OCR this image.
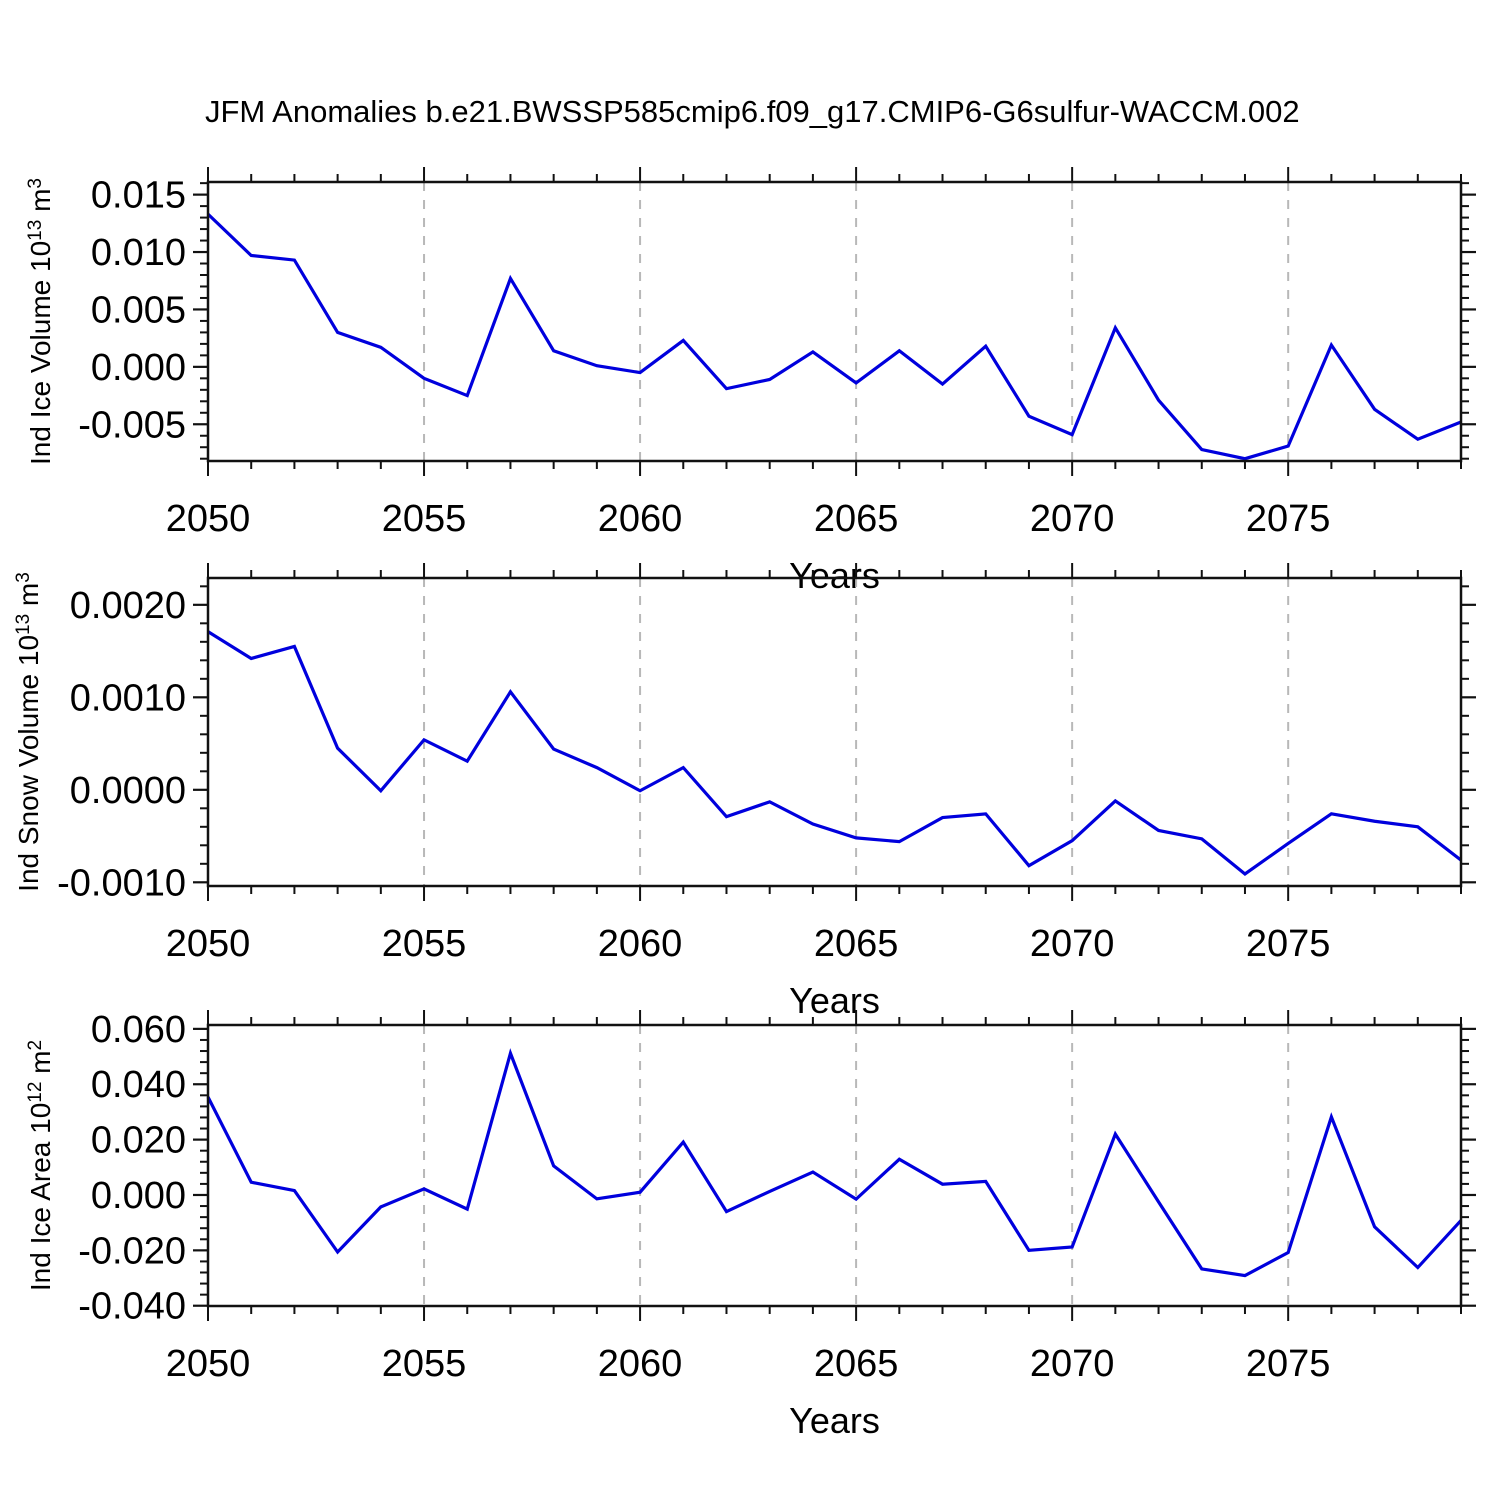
JFM Anomalies b.e21.BWSSP585cmip6.f09_g17.CMIP6-G6sulfur-WACCM.002
0.015
0.010
0.005
0.000
-0.005
2050	2055	2060	2065	2070	2075
Years
Ind Ice Volume $10^{13}$ $m^3$
0.0020
0.0010
0.0000
-0.0010
2050	2055	2060	2065	2070	2075
Years
Ind Snow Volume $10^{13}$ $m^3$
0.060
0.040
0.020
0.000
-0.020
-0.040
2050	2055	2060	2065	2070	2075
Years
Ind Ice Area $10^{12}$ $m^2$
